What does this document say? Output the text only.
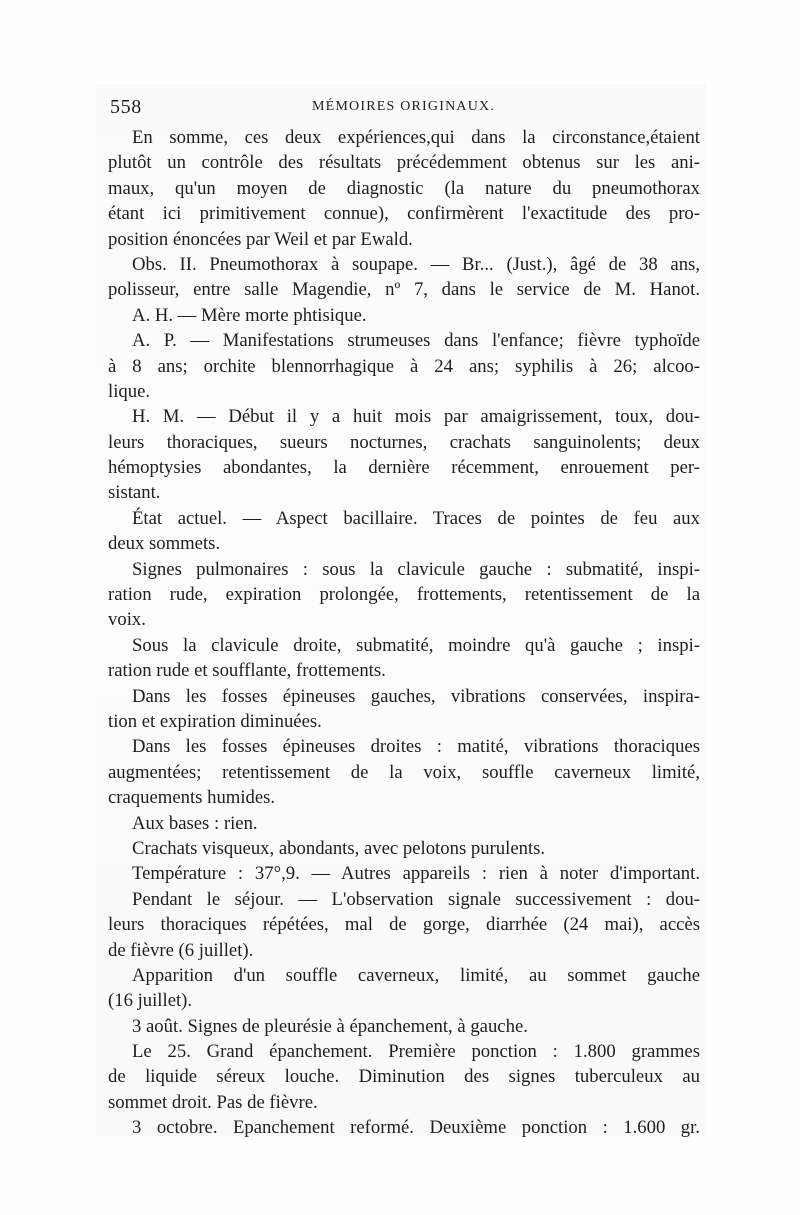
558	MÉMOIRES ORIGINAUX.
En somme, ces deux expériences,qui dans la circonstance,étaient
plutôt un contrôle des résultats précédemment obtenus sur les ani-
maux, qu'un moyen de diagnostic (la nature du pneumothorax
étant ici primitivement connue), confirmèrent l'exactitude des pro-
position énoncées par Weil et par Ewald.
Obs. II. Pneumothorax à soupape. — Br... (Just.), âgé de 38 ans,
polisseur, entre salle Magendie, nº 7, dans le service de M. Hanot.
A. H. — Mère morte phtisique.
A. P. — Manifestations strumeuses dans l'enfance; fièvre typhoïde
à 8 ans; orchite blennorrhagique à 24 ans; syphilis à 26; alcoo-
lique.
H. M. — Début il y a huit mois par amaigrissement, toux, dou-
leurs thoraciques, sueurs nocturnes, crachats sanguinolents; deux
hémoptysies abondantes, la dernière récemment, enrouement per-
sistant.
État actuel. — Aspect bacillaire. Traces de pointes de feu aux
deux sommets.
Signes pulmonaires : sous la clavicule gauche : submatité, inspi-
ration rude, expiration prolongée, frottements, retentissement de la
voix.
Sous la clavicule droite, submatité, moindre qu'à gauche ; inspi-
ration rude et soufflante, frottements.
Dans les fosses épineuses gauches, vibrations conservées, inspira-
tion et expiration diminuées.
Dans les fosses épineuses droites : matité, vibrations thoraciques
augmentées; retentissement de la voix, souffle caverneux limité,
craquements humides.
Aux bases : rien.
Crachats visqueux, abondants, avec pelotons purulents.
Température : 37°,9. — Autres appareils : rien à noter d'important.
Pendant le séjour. — L'observation signale successivement : dou-
leurs thoraciques répétées, mal de gorge, diarrhée (24 mai), accès
de fièvre (6 juillet).
Apparition d'un souffle caverneux, limité, au sommet gauche
(16 juillet).
3 août. Signes de pleurésie à épanchement, à gauche.
Le 25. Grand épanchement. Première ponction : 1.800 grammes
de liquide séreux louche. Diminution des signes tuberculeux au
sommet droit. Pas de fièvre.
3 octobre. Epanchement reformé. Deuxième ponction : 1.600 gr.
